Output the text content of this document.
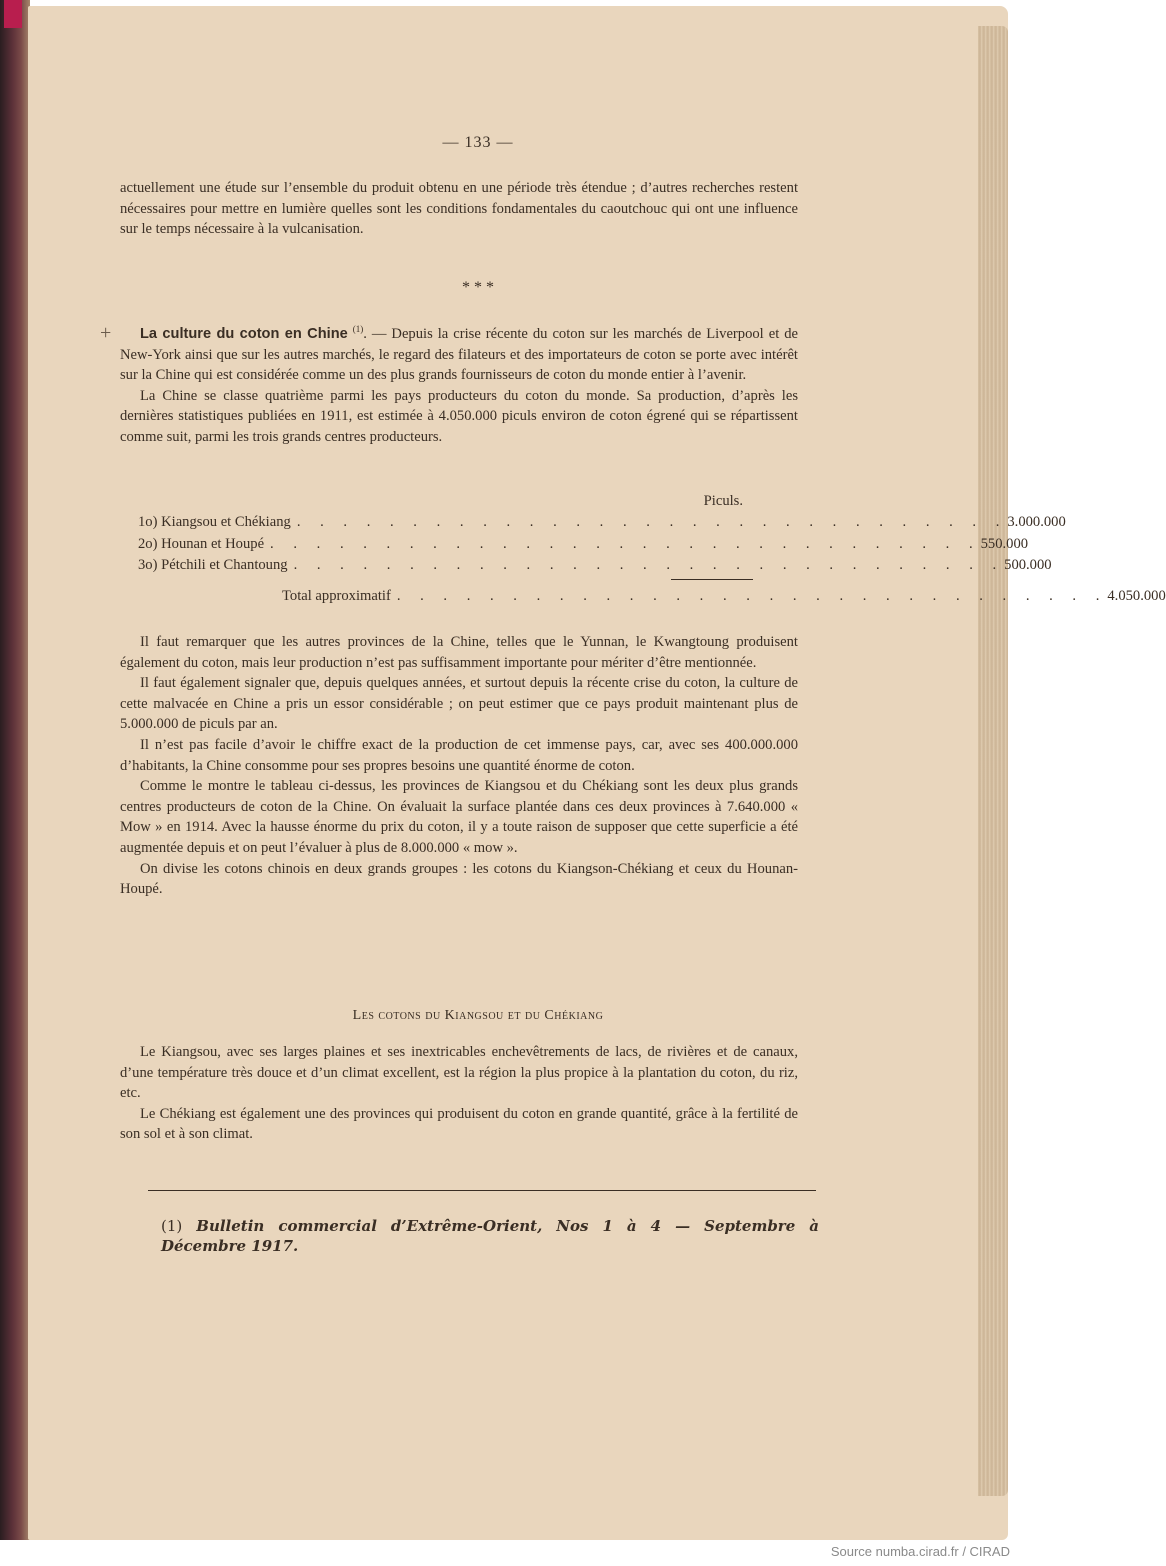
— 133 —

actuellement une étude sur l’ensemble du produit obtenu en une période très étendue ; d’autres recherches restent nécessaires pour mettre en lumière quelles sont les conditions fondamentales du caoutchouc qui ont une influence sur le temps nécessaire à la vulcanisation.

* * *
+	La culture du coton en Chine $^{(1)}$. — Depuis la crise récente du coton sur les marchés de Liverpool et de New-York ainsi que sur les autres marchés, le regard des filateurs et des importateurs de coton se porte avec intérêt sur la Chine qui est considérée comme un des plus grands fournisseurs de coton du monde entier à l’avenir.

La Chine se classe quatrième parmi les pays producteurs du coton du monde. Sa production, d’après les dernières statistiques publiées en 1911, est estimée à 4.050.000 piculs environ de coton égrené qui se répartissent comme suit, parmi les trois grands centres producteurs.

Piculs.
1o) Kiangsou et Chékiang . . . . . . . . . . . . . . . . . . . . . . . . . . . . . . . 3.000.000
2o) Hounan et Houpé . . . . . . . . . . . . . . . . . . . . . . . . . . . . . . . 550.000
3o) Pétchili et Chantoung . . . . . . . . . . . . . . . . . . . . . . . . . . . . . . . 500.000
Total approximatif . . . . . . . . . . . . . . . . . . . . . . . . . . . . . . . 4.050.000

Il faut remarquer que les autres provinces de la Chine, telles que le Yunnan, le Kwangtoung produisent également du coton, mais leur production n’est pas suffisamment importante pour mériter d’être mentionnée.

Il faut également signaler que, depuis quelques années, et surtout depuis la récente crise du coton, la culture de cette malvacée en Chine a pris un essor considérable ; on peut estimer que ce pays produit maintenant plus de 5.000.000 de piculs par an.

Il n’est pas facile d’avoir le chiffre exact de la production de cet immense pays, car, avec ses 400.000.000 d’habitants, la Chine consomme pour ses propres besoins une quantité énorme de coton.

Comme le montre le tableau ci-dessus, les provinces de Kiangsou et du Chékiang sont les deux plus grands centres producteurs de coton de la Chine. On évaluait la surface plantée dans ces deux provinces à 7.640.000 « Mow » en 1914. Avec la hausse énorme du prix du coton, il y a toute raison de supposer que cette superficie a été augmentée depuis et on peut l’évaluer à plus de 8.000.000 « mow ».

On divise les cotons chinois en deux grands groupes : les cotons du Kiangson-Chékiang et ceux du Hounan-Houpé.

Les cotons du Kiangsou et du Chékiang

Le Kiangsou, avec ses larges plaines et ses inextricables enchevêtrements de lacs, de rivières et de canaux, d’une température très douce et d’un climat excellent, est la région la plus propice à la plantation du coton, du riz, etc.

Le Chékiang est également une des provinces qui produisent du coton en grande quantité, grâce à la fertilité de son sol et à son climat.

(1) Bulletin commercial d’Extrême-Orient, Nos 1 à 4 — Septembre à Décembre 1917.
Source numba.cirad.fr / CIRAD
